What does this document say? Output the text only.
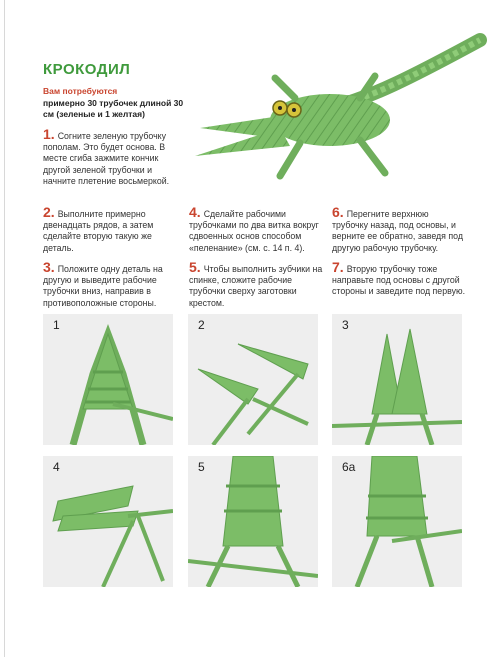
КРОКОДИЛ
Вам потребуются
примерно 30 трубочек длиной 30 см (зеленые и 1 желтая)
1. Согните зеленую трубочку пополам. Это будет основа. В месте сгиба зажмите кончик другой зеленой трубочки и начните плетение восьмеркой.
2. Выполните примерно двенадцать рядов, а затем сделайте вторую такую же деталь.
3. Положите одну деталь на другую и выведите рабочие трубочки вниз, направив в противоположные стороны.
4. Сделайте рабочими трубочками по два витка вокруг сдвоенных основ способом «пеленание» (см. с. 14 п. 4).
5. Чтобы выполнить зубчики на спинке, сложите рабочие трубочки сверху заготовки крестом.
6. Перегните верхнюю трубочку назад, под основы, и верните ее обратно, заведя под другую рабочую трубочку.
7. Вторую трубочку тоже направьте под основы с другой стороны и заведите под первую.
1	2	3
4	5	6a
